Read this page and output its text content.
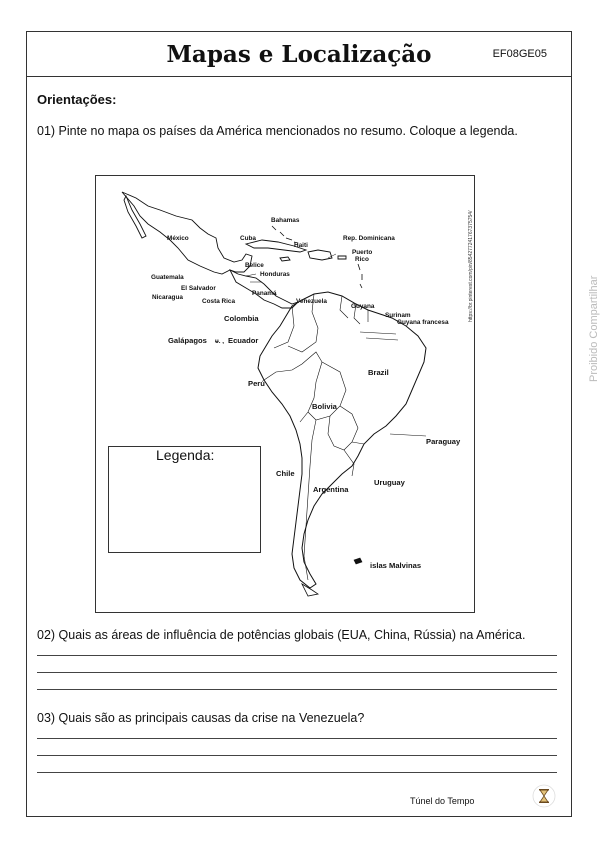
Mapas e Localização	EF08GE05
Orientações:
01) Pinte no mapa os países da América mencionados no resumo. Coloque a legenda.
Bahamas
México	Cuba	Rep. Dominicana
Haiti
Puerto
Rico
Belice
Guatemala	Honduras
El Salvador
Nicaragua
Panamá
Costa Rica	Venezuela
Guyana
Surinam
Guyana francesa
Colombia
Galápagos ᵾ. , Ecuador
Perú
Brazil
Bolivia
Paraguay
Chile
Argentina
Uruguay
islas Malvinas
Legenda:
https://br.pinterest.com/pin/854277241767375754/
02) Quais as áreas de influência de potências globais (EUA, China, Rússia) na América.
03) Quais são as principais causas da crise na Venezuela?
Túnel do Tempo
Proibido Compartilhar
